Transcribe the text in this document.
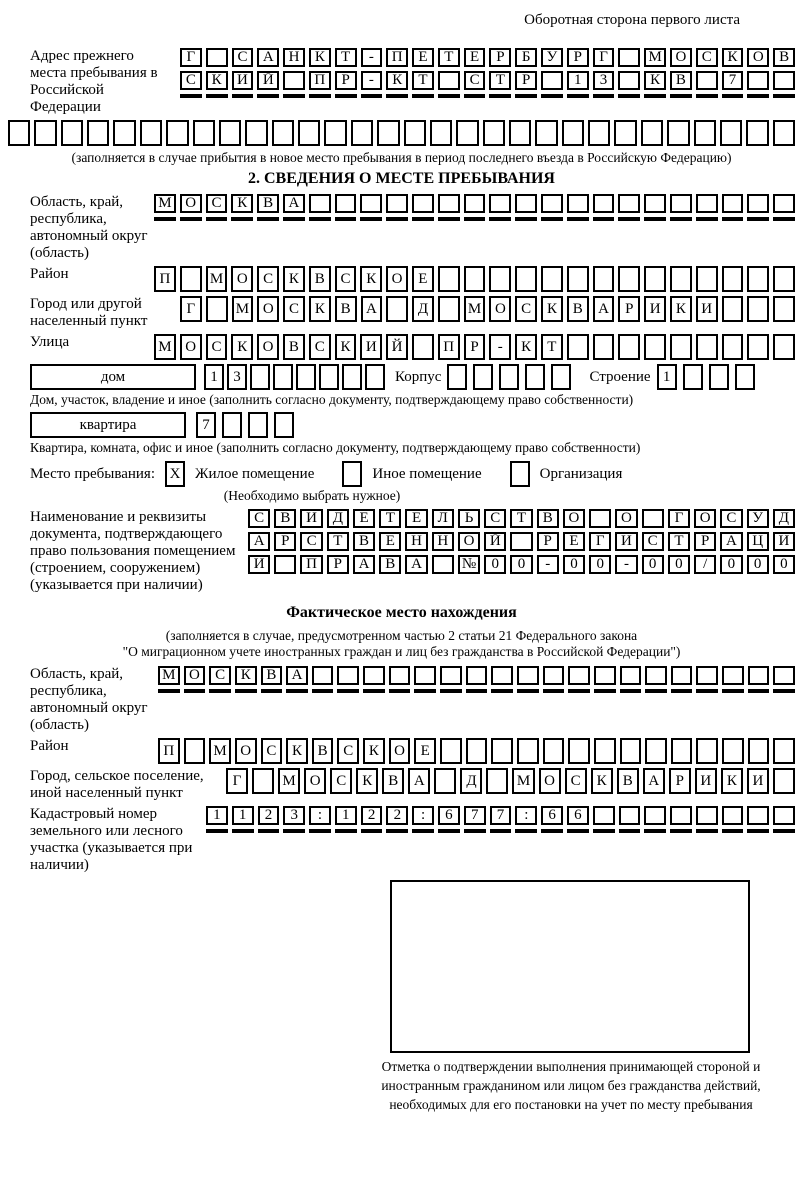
Оборотная сторона первого листа
Адрес прежнего места пребывания в Российской Федерации
Г	С	А Н	К	Т	-	П	Е	Т	Е	Р	Б	У	Р	Г	М О	С	К	О	В
С	К	И Й	П	Р	-	К	Т	С	Т	Р	1	3	К	В	7
(заполняется в случае прибытия в новое место пребывания в период последнего въезда в Российскую Федерацию)
2. СВЕДЕНИЯ О МЕСТЕ ПРЕБЫВАНИЯ
Область, край, республика, автономный округ (область)
М О	С	К	В	А
Район	П	М О	С	К	В	С	К	О	Е
Город или другой населенный пункт
Г	М О	С	К	В	А	Д	М О	С	К	В	А	Р	И	К	И
Улица	М О	С	К	О	В	С	К	И Й	П	Р	-	К	Т
дом	1	3	Корпус	Строение 1
Дом, участок, владение и иное (заполнить согласно документу, подтверждающему право собственности)
квартира	7
Квартира, комната, офис и иное (заполнить согласно документу, подтверждающему право собственности)
Место пребывания: X Жилое помещение	Иное помещение	Организация
(Необходимо выбрать нужное)
Наименование и реквизиты документа, подтверждающего право пользования помещением (строением, сооружением) (указывается при наличии)
С	В	И	Д	Е	Т	Е	Л	Ь	С	Т	В	О	О	Г	О	С	У	Д
А	Р	С	Т	В	Е	Н	Н	О	Й	Р	Е	Г	И	С	Т	Р	А	Ц	И
И	П	Р	А	В	А	№	0	0	-	0	0	-	0	0	/	0	0	0
Фактическое место нахождения
(заполняется в случае, предусмотренном частью 2 статьи 21 Федерального закона
"О миграционном учете иностранных граждан и лиц без гражданства в Российской Федерации")
Область, край, республика, автономный округ (область)
М О	С	К	В	А
Район	П	М О	С	К	В	С	К	О	Е
Город, сельское поселение, иной населенный пункт
Г	М О	С	К	В	А	Д	М О	С	К	В	А	Р	И	К	И
Кадастровый номер земельного или лесного участка (указывается при наличии)
1	1	2	3	:	1	2	2	:	6	7	7	:	6	6
Отметка о подтверждении выполнения принимающей стороной и иностранным гражданином или лицом без гражданства действий, необходимых для его постановки на учет по месту пребывания
